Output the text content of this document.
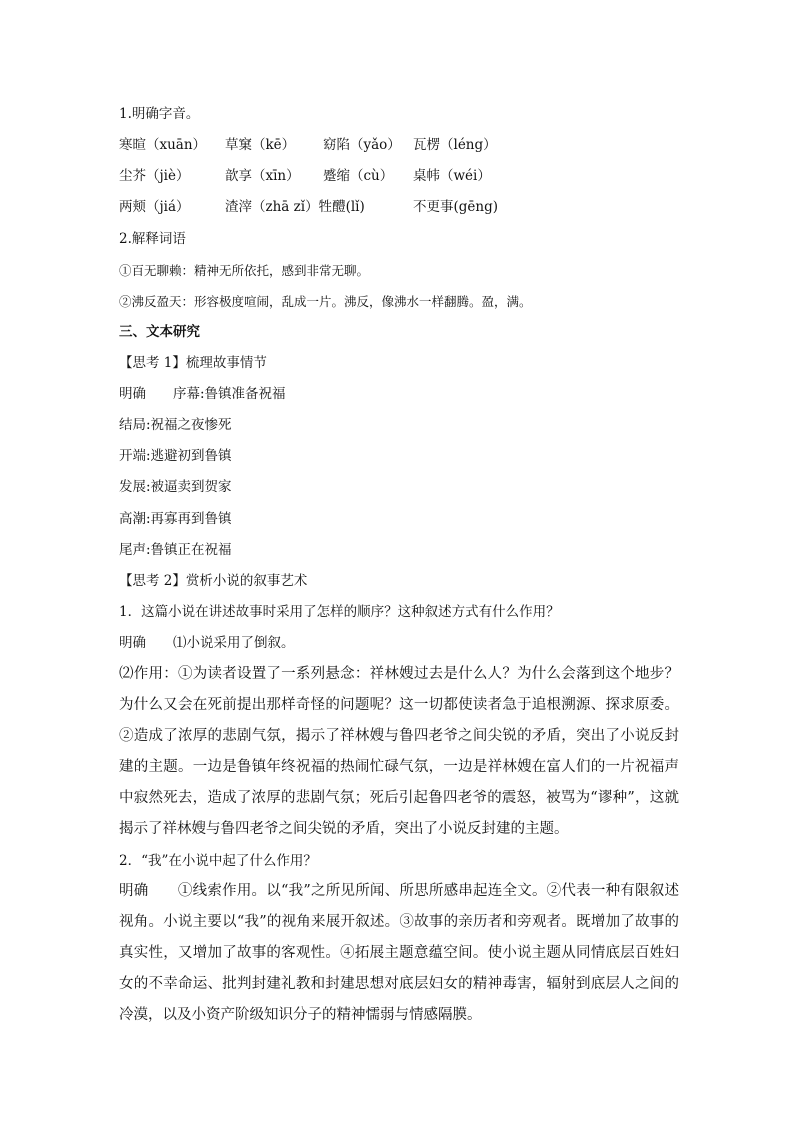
1.明确字音。
寒暄（xuān） 草窠（kē） 窈陷（yǎo） 瓦楞（léng）
尘芥（jiè）	歆享（xīn） 蹙缩（cù） 桌帏（wéi）
两颊（jiá）	渣滓（zhā zǐ）牲醴(lǐ)	不更事(gēng)
2.解释词语
①百无聊赖：精神无所依托，感到非常无聊。
②沸反盈天：形容极度喧闹，乱成一片。沸反，像沸水一样翻腾。盈，满。
三、文本研究
【思考 1】梳理故事情节
明确　　序幕:鲁镇准备祝福
结局:祝福之夜惨死
开端:逃避初到鲁镇
发展:被逼卖到贺家
高潮:再寡再到鲁镇
尾声:鲁镇正在祝福
【思考 2】赏析小说的叙事艺术
1．这篇小说在讲述故事时采用了怎样的顺序？这种叙述方式有什么作用？
明确　　⑴小说采用了倒叙。
⑵作用：①为读者设置了一系列悬念：祥林嫂过去是什么人？为什么会落到这个地步？为什么又会在死前提出那样奇怪的问题呢？这一切都使读者急于追根溯源、探求原委。②造成了浓厚的悲剧气氛，揭示了祥林嫂与鲁四老爷之间尖锐的矛盾，突出了小说反封建的主题。一边是鲁镇年终祝福的热闹忙碌气氛，一边是祥林嫂在富人们的一片祝福声中寂然死去，造成了浓厚的悲剧气氛；死后引起鲁四老爷的震怒，被骂为“谬种”，这就揭示了祥林嫂与鲁四老爷之间尖锐的矛盾，突出了小说反封建的主题。
2．“我”在小说中起了什么作用？
明确　　①线索作用。以“我”之所见所闻、所思所感串起连全文。②代表一种有限叙述视角。小说主要以“我”的视角来展开叙述。③故事的亲历者和旁观者。既增加了故事的真实性，又增加了故事的客观性。④拓展主题意蕴空间。使小说主题从同情底层百姓妇女的不幸命运、批判封建礼教和封建思想对底层妇女的精神毒害，辐射到底层人之间的冷漠，以及小资产阶级知识分子的精神懦弱与情感隔膜。
